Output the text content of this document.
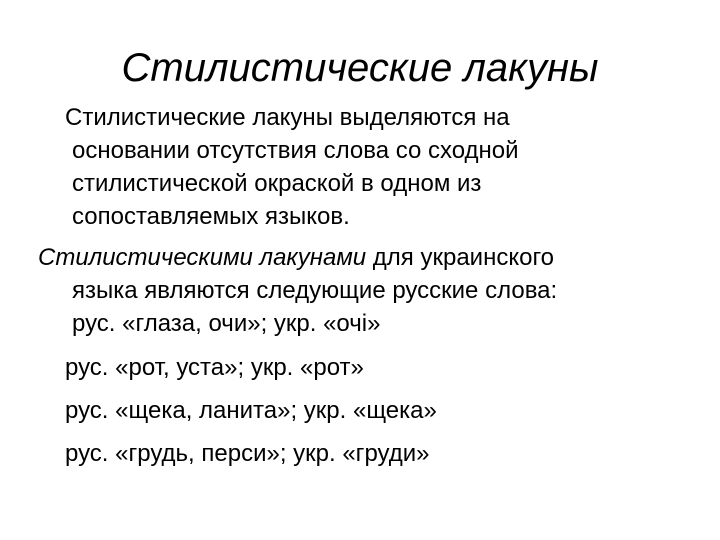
Стилистические лакуны
Стилистические лакуны выделяются на
основании отсутствия слова со сходной
стилистической окраской в одном из
сопоставляемых языков.
Стилистическими лакунами для украинского
языка являются следующие русские слова:
рус. «глаза, очи»; укр. «очі»
рус. «рот, уста»; укр. «рот»
рус. «щека, ланита»; укр. «щека»
рус. «грудь, перси»; укр. «груди»
